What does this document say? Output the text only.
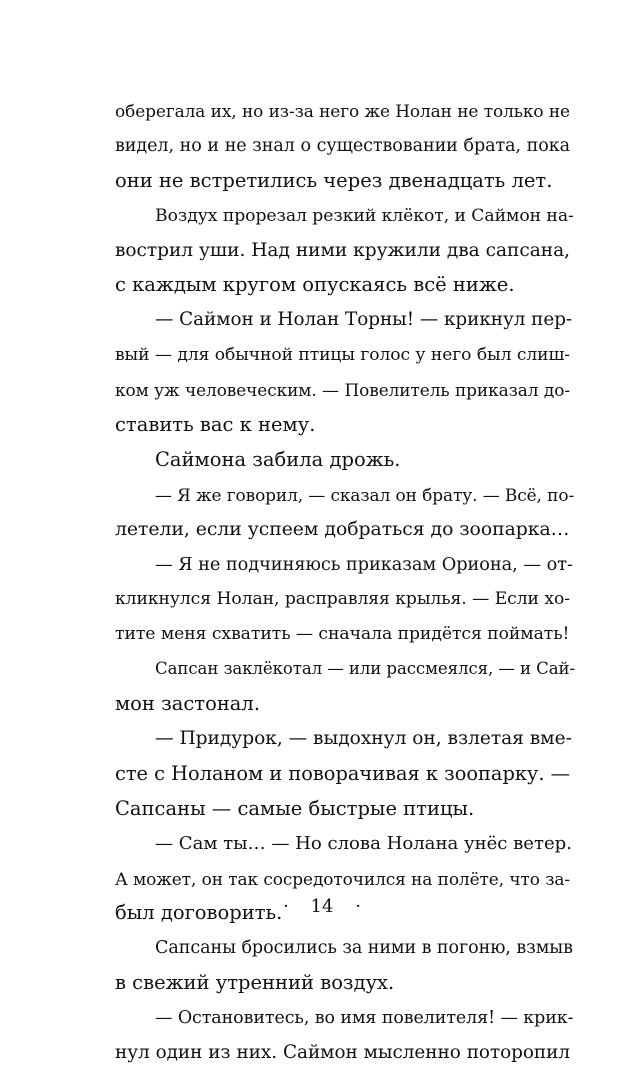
оберегала их, но из-за него же Нолан не только не
видел, но и не знал о существовании брата, пока
они не встретились через двенадцать лет.
Воздух прорезал резкий клёкот, и Саймон на-
вострил уши. Над ними кружили два сапсана,
с каждым кругом опускаясь всё ниже.
— Саймон и Нолан Торны! — крикнул пер-
вый — для обычной птицы голос у него был слиш-
ком уж человеческим. — Повелитель приказал до-
ставить вас к нему.
Саймона забила дрожь.
— Я же говорил, — сказал он брату. — Всё, по-
летели, если успеем добраться до зоопарка…
— Я не подчиняюсь приказам Ориона, — от-
кликнулся Нолан, расправляя крылья. — Если хо-
тите меня схватить — сначала придётся поймать!
Сапсан заклёкотал — или рассмеялся, — и Сай-
мон застонал.
— Придурок, — выдохнул он, взлетая вме-
сте с Ноланом и поворачивая к зоопарку. —
Сапсаны — самые быстрые птицы.
— Сам ты… — Но слова Нолана унёс ветер.
А может, он так сосредоточился на полёте, что за-
был договорить.
Сапсаны бросились за ними в погоню, взмыв
в свежий утренний воздух.
— Остановитесь, во имя повелителя! — крик-
нул один из них. Саймон мысленно поторопил
· 14 ·
